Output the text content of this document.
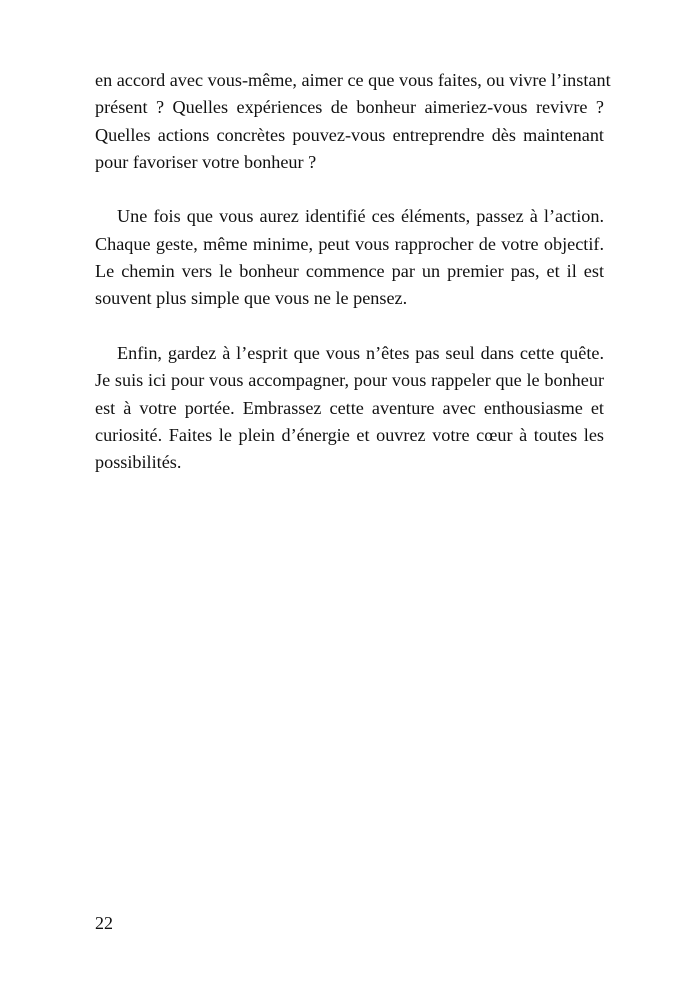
en accord avec vous-même, aimer ce que vous faites, ou vivre l’instant
présent ? Quelles expériences de bonheur aimeriez-vous revivre ?
Quelles actions concrètes pouvez-vous entreprendre dès maintenant
pour favoriser votre bonheur ?

Une fois que vous aurez identifié ces éléments, passez à l’action.
Chaque geste, même minime, peut vous rapprocher de votre objectif.
Le chemin vers le bonheur commence par un premier pas, et il est
souvent plus simple que vous ne le pensez.

Enfin, gardez à l’esprit que vous n’êtes pas seul dans cette quête.
Je suis ici pour vous accompagner, pour vous rappeler que le bonheur
est à votre portée. Embrassez cette aventure avec enthousiasme et
curiosité. Faites le plein d’énergie et ouvrez votre cœur à toutes les
possibilités.

22
